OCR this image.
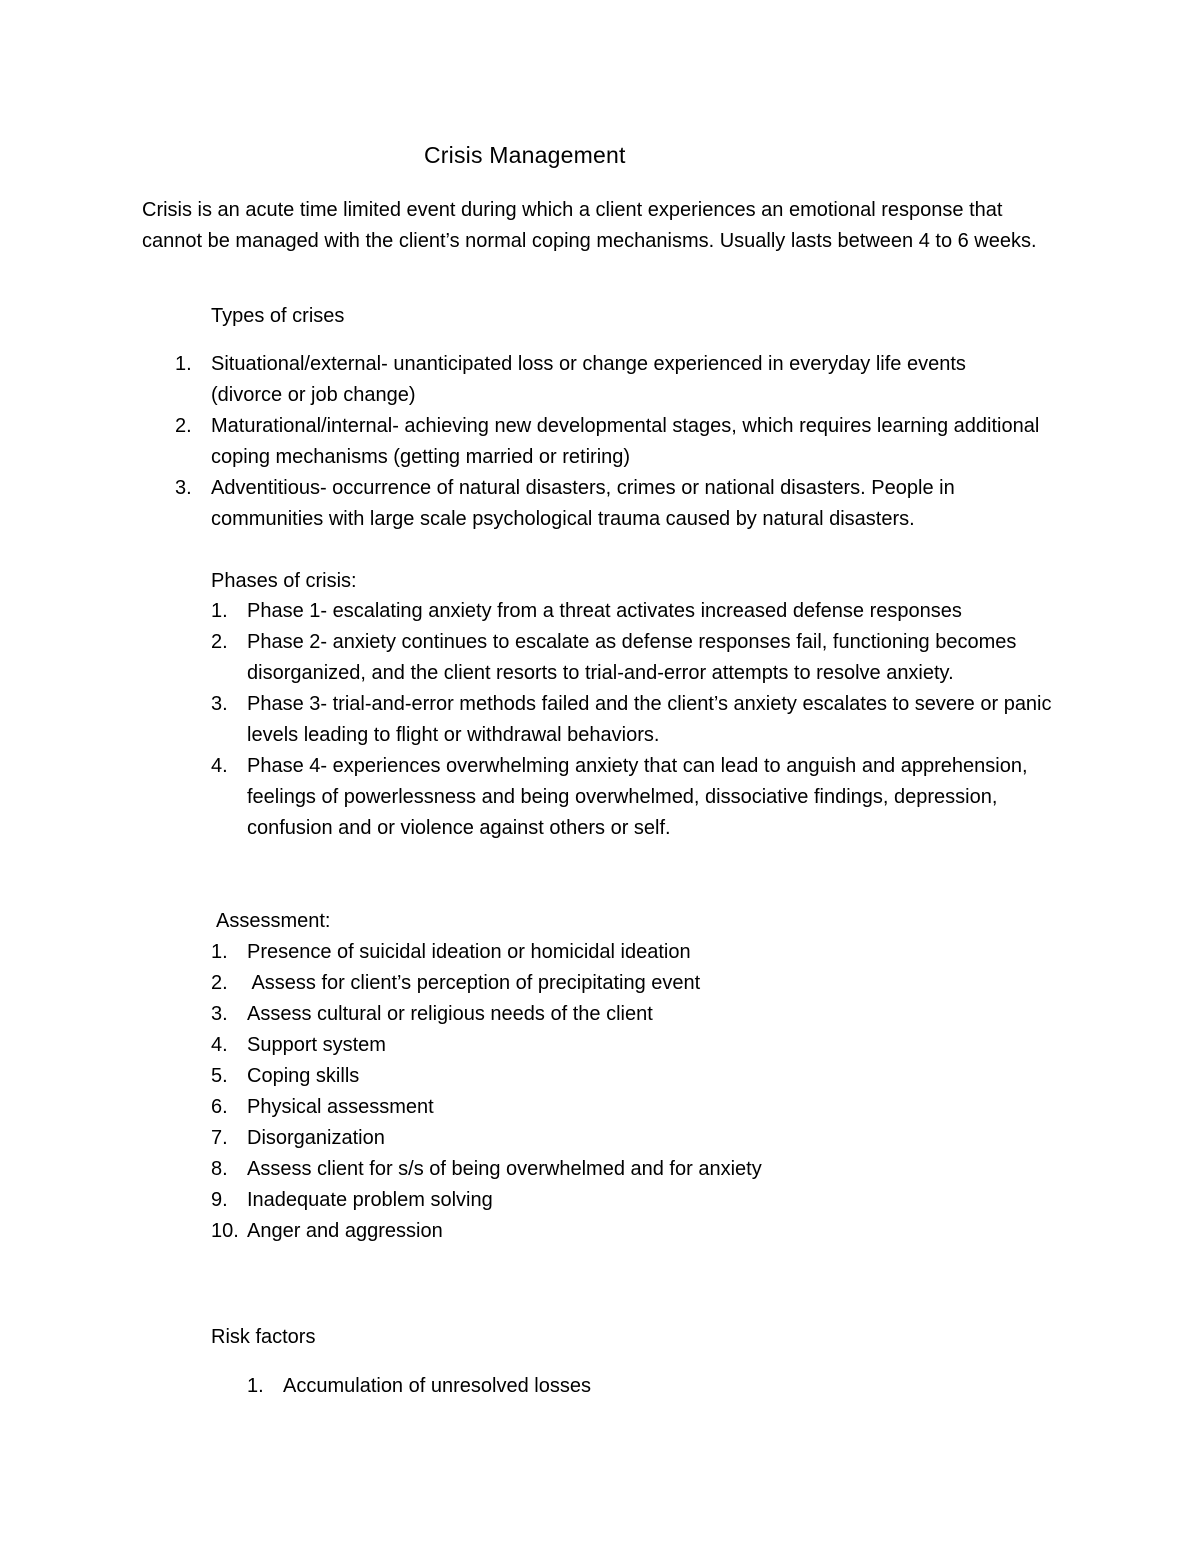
Crisis Management
Crisis is an acute time limited event during which a client experiences an emotional response that cannot be managed with the client’s normal coping mechanisms. Usually lasts between 4 to 6 weeks.
Types of crises
1. Situational/external- unanticipated loss or change experienced in everyday life events (divorce or job change)
2. Maturational/internal- achieving new developmental stages, which requires learning additional coping mechanisms (getting married or retiring)
3. Adventitious- occurrence of natural disasters, crimes or national disasters. People in communities with large scale psychological trauma caused by natural disasters.
Phases of crisis:
1. Phase 1- escalating anxiety from a threat activates increased defense responses
2. Phase 2- anxiety continues to escalate as defense responses fail, functioning becomes disorganized, and the client resorts to trial-and-error attempts to resolve anxiety.
3. Phase 3- trial-and-error methods failed and the client’s anxiety escalates to severe or panic levels leading to flight or withdrawal behaviors.
4. Phase 4- experiences overwhelming anxiety that can lead to anguish and apprehension, feelings of powerlessness and being overwhelmed, dissociative findings, depression, confusion and or violence against others or self.
Assessment:
1. Presence of suicidal ideation or homicidal ideation
2. Assess for client’s perception of precipitating event
3. Assess cultural or religious needs of the client
4. Support system
5. Coping skills
6. Physical assessment
7. Disorganization
8. Assess client for s/s of being overwhelmed and for anxiety
9. Inadequate problem solving
10. Anger and aggression
Risk factors
1. Accumulation of unresolved losses
